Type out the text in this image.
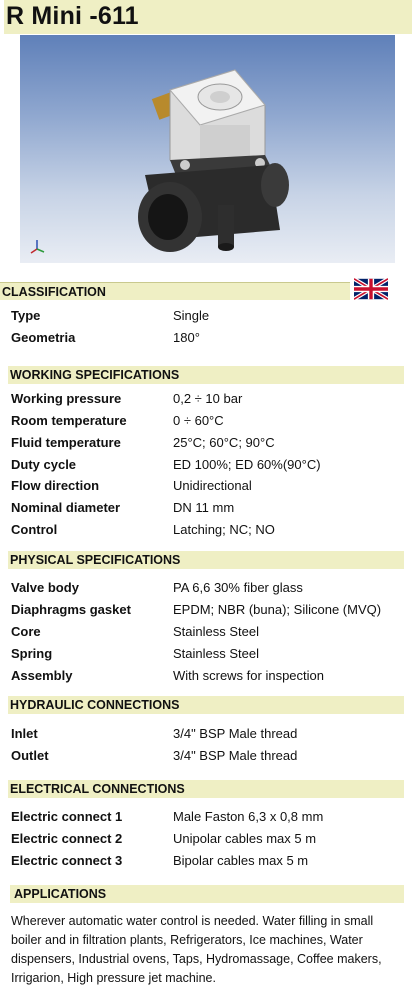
R Mini -611
CLASSIFICATION
Type	Single
Geometria	180°
WORKING SPECIFICATIONS
Working pressure	0,2 ÷ 10 bar
Room temperature	0 ÷ 60°C
Fluid temperature	25°C; 60°C; 90°C
Duty cycle	ED 100%; ED 60%(90°C)
Flow direction	Unidirectional
Nominal diameter	DN 11 mm
Control	Latching; NC; NO
PHYSICAL SPECIFICATIONS
Valve body	PA 6,6 30% fiber glass
Diaphragms gasket	EPDM; NBR (buna); Silicone (MVQ)
Core	Stainless Steel
Spring	Stainless Steel
Assembly	With screws for inspection
HYDRAULIC CONNECTIONS
Inlet	3/4" BSP Male thread
Outlet	3/4" BSP Male thread
ELECTRICAL CONNECTIONS
Electric connect 1	Male Faston 6,3 x 0,8 mm
Electric connect 2	Unipolar cables max 5 m
Electric connect 3	Bipolar cables max 5 m
APPLICATIONS
Wherever automatic water control is needed. Water filling in small boiler and in filtration plants, Refrigerators, Ice machines, Water dispensers, Industrial ovens, Taps, Hydromassage, Coffee makers, Irrigarion, High pressure jet machine.
